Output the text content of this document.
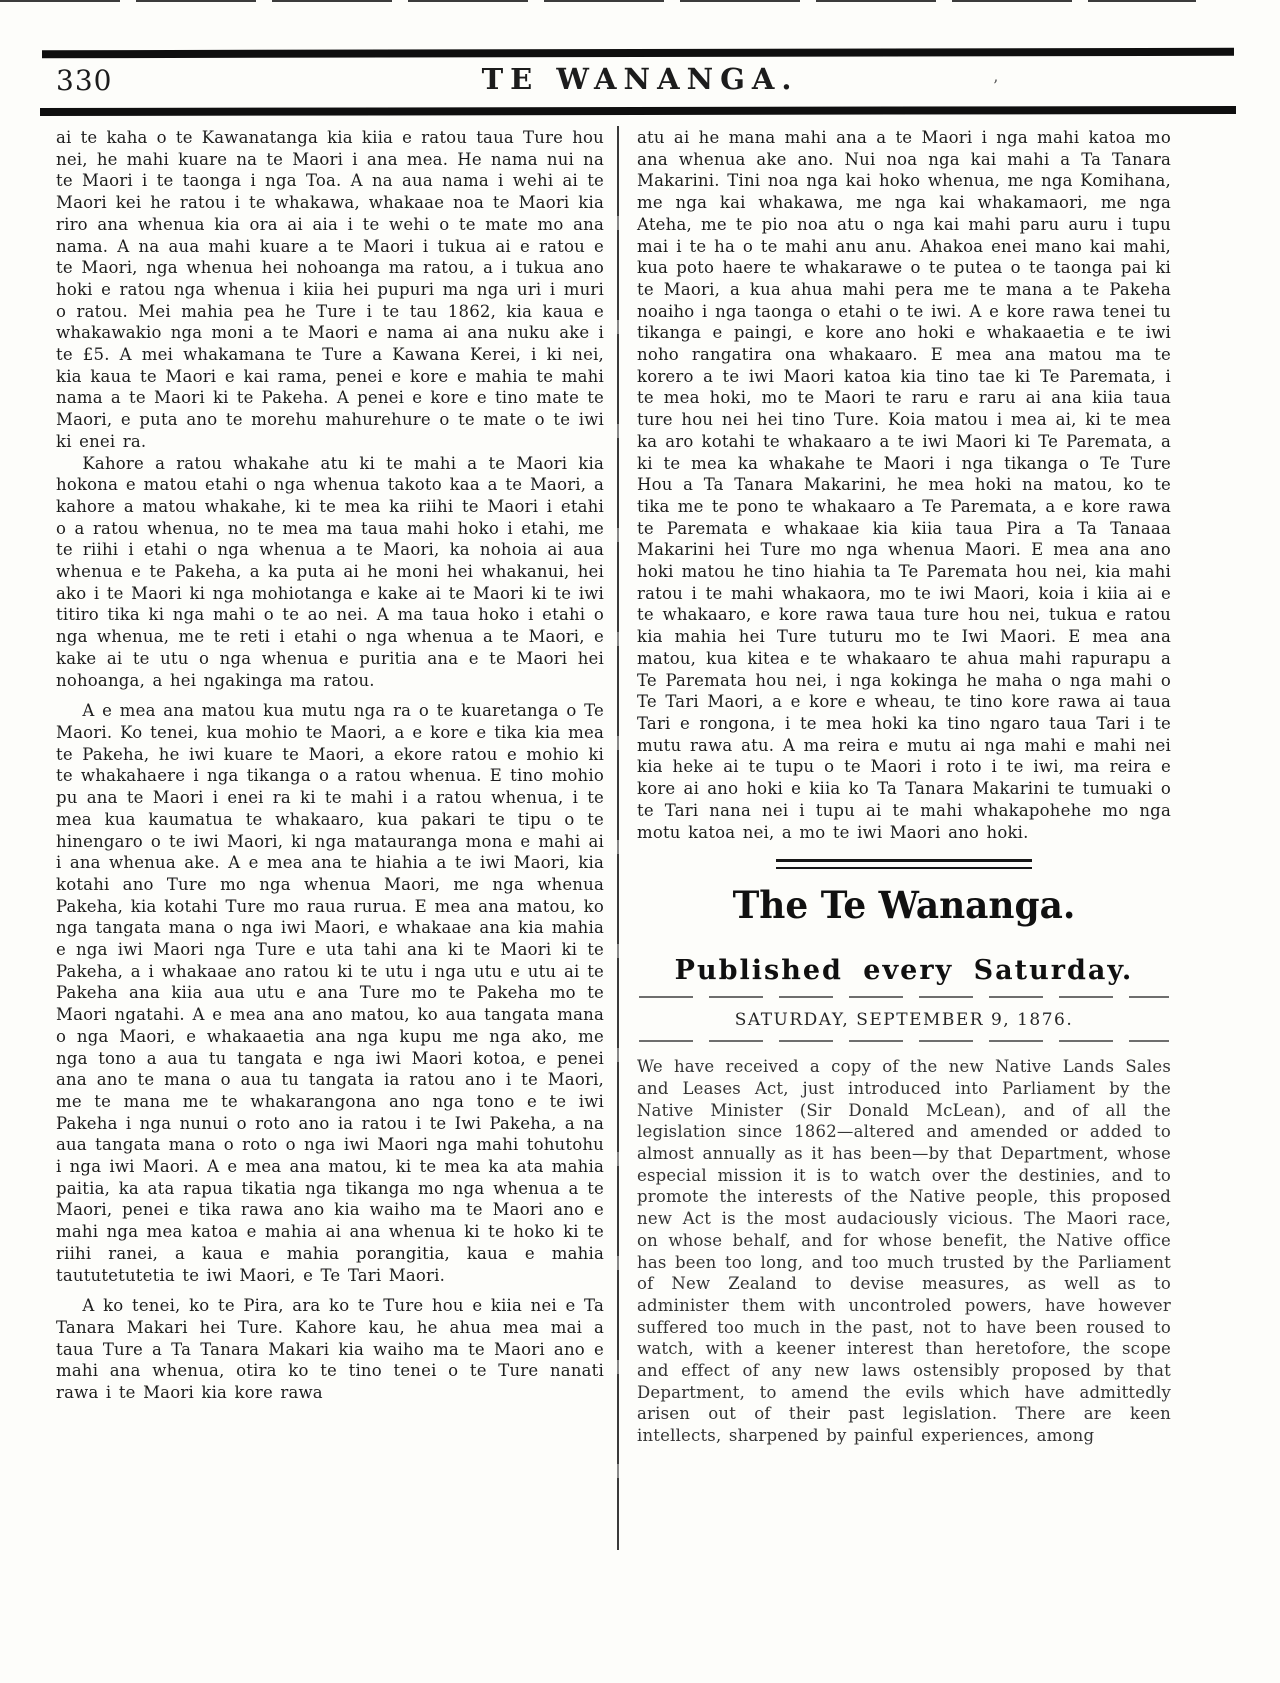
330	TE WANANGA.	’

ai te kaha o te Kawanatanga kia kiia e ratou taua Ture hou nei, he mahi kuare na te Maori i ana mea. He nama nui na te Maori i te taonga i nga Toa. A na aua nama i wehi ai te Maori kei he ratou i te whakawa, whakaae noa te Maori kia riro ana whenua kia ora ai aia i te wehi o te mate mo ana nama. A na aua mahi kuare a te Maori i tukua ai e ratou e te Maori, nga whenua hei nohoanga ma ratou, a i tukua ano hoki e ratou nga whenua i kiia hei pupuri ma nga uri i muri o ratou. Mei mahia pea he Ture i te tau 1862, kia kaua e whakawakio nga moni a te Maori e nama ai ana nuku ake i te £5. A mei whakamana te Ture a Kawana Kerei, i ki nei, kia kaua te Maori e kai rama, penei e kore e mahia te mahi nama a te Maori ki te Pakeha. A penei e kore e tino mate te Maori, e puta ano te morehu mahurehure o te mate o te iwi ki enei ra.

Kahore a ratou whakahe atu ki te mahi a te Maori kia hokona e matou etahi o nga whenua takoto kaa a te Maori, a kahore a matou whakahe, ki te mea ka riihi te Maori i etahi o a ratou whenua, no te mea ma taua mahi hoko i etahi, me te riihi i etahi o nga whenua a te Maori, ka nohoia ai aua whenua e te Pakeha, a ka puta ai he moni hei whakanui, hei ako i te Maori ki nga mohiotanga e kake ai te Maori ki te iwi titiro tika ki nga mahi o te ao nei. A ma taua hoko i etahi o nga whenua, me te reti i etahi o nga whenua a te Maori, e kake ai te utu o nga whenua e puritia ana e te Maori hei nohoanga, a hei ngakinga ma ratou.

A e mea ana matou kua mutu nga ra o te kuaretanga o Te Maori. Ko tenei, kua mohio te Maori, a e kore e tika kia mea te Pakeha, he iwi kuare te Maori, a ekore ratou e mohio ki te whakahaere i nga tikanga o a ratou whenua. E tino mohio pu ana te Maori i enei ra ki te mahi i a ratou whenua, i te mea kua kaumatua te whakaaro, kua pakari te tipu o te hinengaro o te iwi Maori, ki nga matauranga mona e mahi ai i ana whenua ake. A e mea ana te hiahia a te iwi Maori, kia kotahi ano Ture mo nga whenua Maori, me nga whenua Pakeha, kia kotahi Ture mo raua rurua. E mea ana matou, ko nga tangata mana o nga iwi Maori, e whakaae ana kia mahia e nga iwi Maori nga Ture e uta tahi ana ki te Maori ki te Pakeha, a i whakaae ano ratou ki te utu i nga utu e utu ai te Pakeha ana kiia aua utu e ana Ture mo te Pakeha mo te Maori ngatahi. A e mea ana ano matou, ko aua tangata mana o nga Maori, e whakaaetia ana nga kupu me nga ako, me nga tono a aua tu tangata e nga iwi Maori kotoa, e penei ana ano te mana o aua tu tangata ia ratou ano i te Maori, me te mana me te whakarangona ano nga tono e te iwi Pakeha i nga nunui o roto ano ia ratou i te Iwi Pakeha, a na aua tangata mana o roto o nga iwi Maori nga mahi tohutohu i nga iwi Maori. A e mea ana matou, ki te mea ka ata mahia paitia, ka ata rapua tikatia nga tikanga mo nga whenua a te Maori, penei e tika rawa ano kia waiho ma te Maori ano e mahi nga mea katoa e mahia ai ana whenua ki te hoko ki te riihi ranei, a kaua e mahia porangitia, kaua e mahia taututetutetia te iwi Maori, e Te Tari Maori.

A ko tenei, ko te Pira, ara ko te Ture hou e kiia nei e Ta Tanara Makari hei Ture. Kahore kau, he ahua mea mai a taua Ture a Ta Tanara Makari kia waiho ma te Maori ano e mahi ana whenua, otira ko te tino tenei o te Ture nanati rawa i te Maori kia kore rawa

atu ai he mana mahi ana a te Maori i nga mahi katoa mo ana whenua ake ano. Nui noa nga kai mahi a Ta Tanara Makarini. Tini noa nga kai hoko whenua, me nga Komihana, me nga kai whakawa, me nga kai whakamaori, me nga Ateha, me te pio noa atu o nga kai mahi paru auru i tupu mai i te ha o te mahi anu anu. Ahakoa enei mano kai mahi, kua poto haere te whakarawe o te putea o te taonga pai ki te Maori, a kua ahua mahi pera me te mana a te Pakeha noaiho i nga taonga o etahi o te iwi. A e kore rawa tenei tu tikanga e paingi, e kore ano hoki e whakaaetia e te iwi noho rangatira ona whakaaro. E mea ana matou ma te korero a te iwi Maori katoa kia tino tae ki Te Paremata, i te mea hoki, mo te Maori te raru e raru ai ana kiia taua ture hou nei hei tino Ture. Koia matou i mea ai, ki te mea ka aro kotahi te whakaaro a te iwi Maori ki Te Paremata, a ki te mea ka whakahe te Maori i nga tikanga o Te Ture Hou a Ta Tanara Makarini, he mea hoki na matou, ko te tika me te pono te whakaaro a Te Paremata, a e kore rawa te Paremata e whakaae kia kiia taua Pira a Ta Tanaaa Makarini hei Ture mo nga whenua Maori. E mea ana ano hoki matou he tino hiahia ta Te Paremata hou nei, kia mahi ratou i te mahi whakaora, mo te iwi Maori, koia i kiia ai e te whakaaro, e kore rawa taua ture hou nei, tukua e ratou kia mahia hei Ture tuturu mo te Iwi Maori. E mea ana matou, kua kitea e te whakaaro te ahua mahi rapurapu a Te Paremata hou nei, i nga kokinga he maha o nga mahi o Te Tari Maori, a e kore e wheau, te tino kore rawa ai taua Tari e rongona, i te mea hoki ka tino ngaro taua Tari i te mutu rawa atu. A ma reira e mutu ai nga mahi e mahi nei kia heke ai te tupu o te Maori i roto i te iwi, ma reira e kore ai ano hoki e kiia ko Ta Tanara Makarini te tumuaki o te Tari nana nei i tupu ai te mahi whakapohehe mo nga motu katoa nei, a mo te iwi Maori ano hoki.

The Te Wananga.
Published every Saturday.
SATURDAY, SEPTEMBER 9, 1876.

We have received a copy of the new Native Lands Sales and Leases Act, just introduced into Parliament by the Native Minister (Sir Donald McLean), and of all the legislation since 1862—altered and amended or added to almost annually as it has been—by that Department, whose especial mission it is to watch over the destinies, and to promote the interests of the Native people, this proposed new Act is the most audaciously vicious. The Maori race, on whose behalf, and for whose benefit, the Native office has been too long, and too much trusted by the Parliament of New Zealand to devise measures, as well as to administer them with uncontroled powers, have however suffered too much in the past, not to have been roused to watch, with a keener interest than heretofore, the scope and effect of any new laws ostensibly proposed by that Department, to amend the evils which have admittedly arisen out of their past legislation. There are keen intellects, sharpened by painful experiences, among
